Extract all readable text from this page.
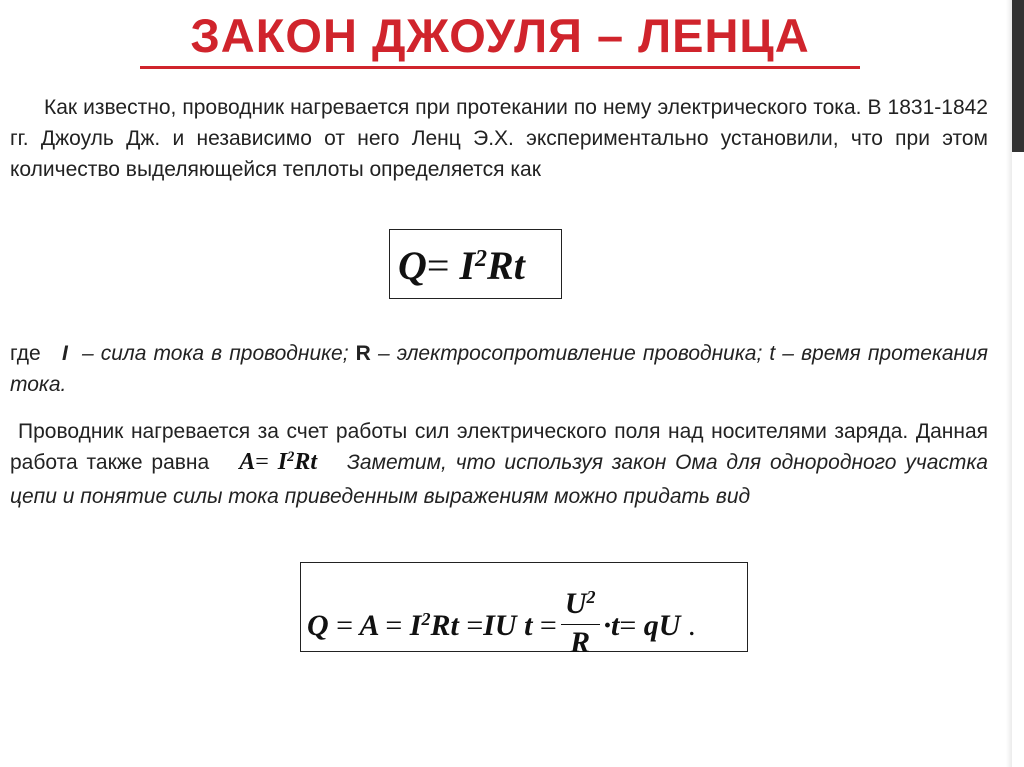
ЗАКОН ДЖОУЛЯ – ЛЕНЦА

Как известно, проводник нагревается при протекании по нему электрического тока. В 1831-1842 гг. Джоуль Дж. и независимо от него Ленц Э.Х. экспериментально установили, что при этом количество выделяющейся теплоты определяется как

$Q= I^2Rt$

где I – сила тока в проводнике; R – электросопротивление проводника; t – время протекания тока.

Проводник нагревается за счет работы сил электрического поля над носителями заряда. Данная работа также равна $A= I^2Rt$ Заметим, что используя закон Ома для однородного участка цепи и понятие силы тока приведенным выражениям можно придать вид

$Q = A = I^2Rt =IU$ $t = \frac{U^2}{R} \cdot t=$ qU .
